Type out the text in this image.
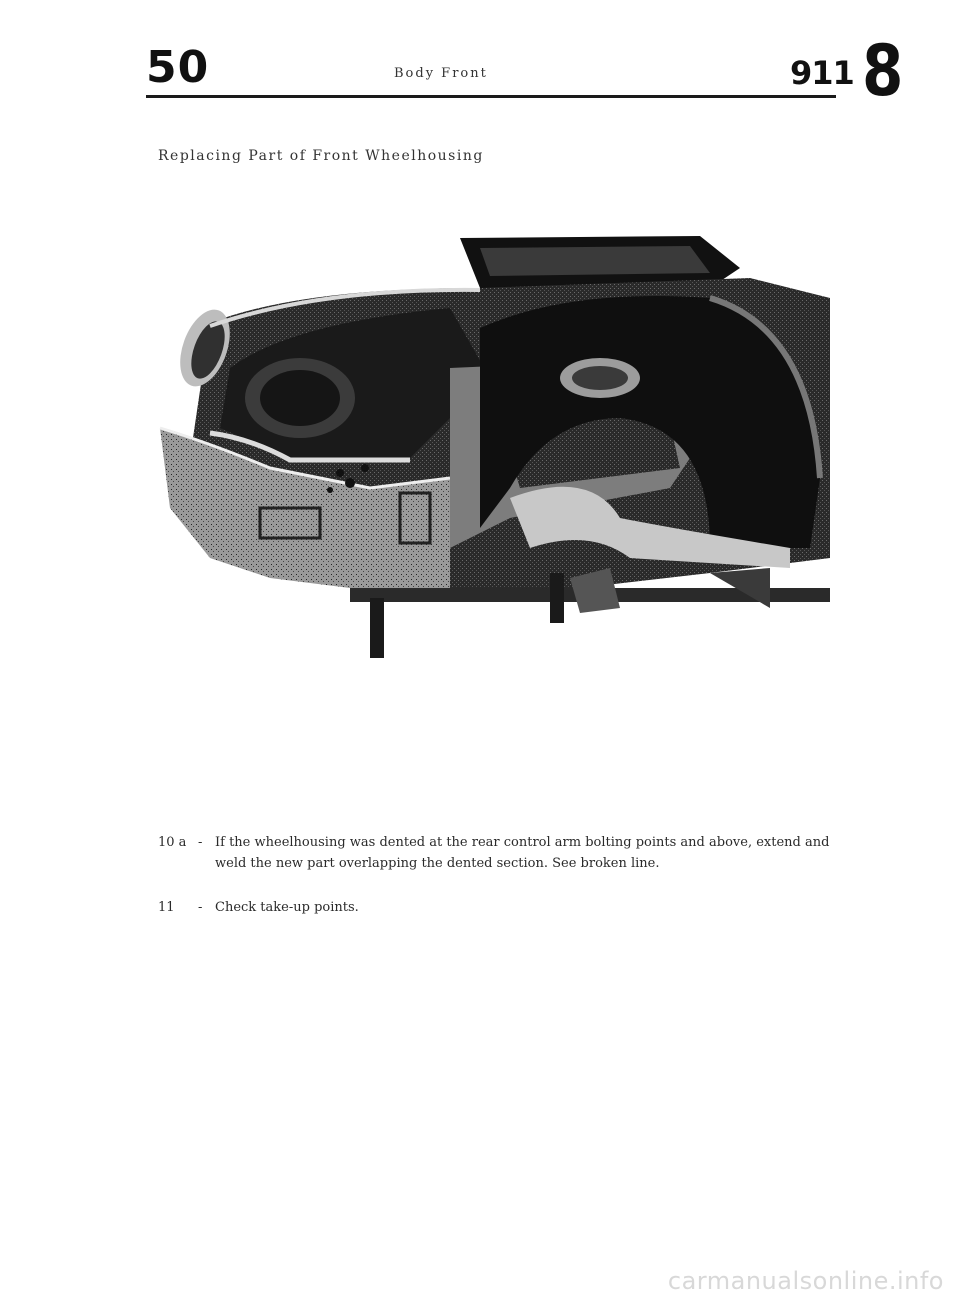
50	Body Front	911 8
Replacing Part of Front Wheelhousing
10 a - If the wheelhousing was dented at the rear control arm bolting points and above, extend and
weld the new part overlapping the dented section. See broken line.
11 - Check take-up points.
carmanualsonline.info
